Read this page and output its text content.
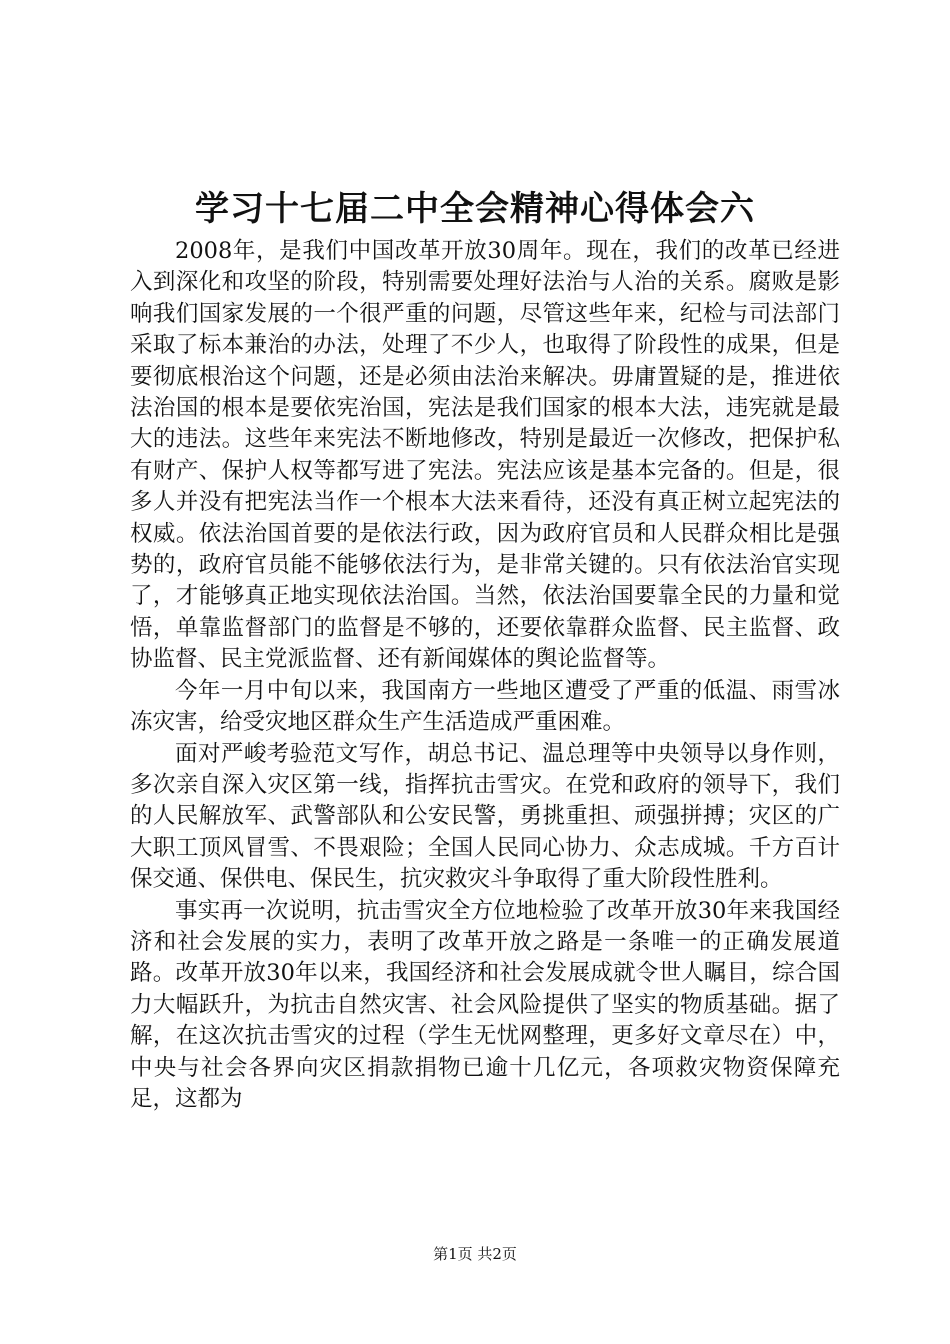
学习十七届二中全会精神心得体会六

2008年，是我们中国改革开放30周年。现在，我们的改革已经进入到深化和攻坚的阶段，特别需要处理好法治与人治的关系。腐败是影响我们国家发展的一个很严重的问题，尽管这些年来，纪检与司法部门采取了标本兼治的办法，处理了不少人，也取得了阶段性的成果，但是要彻底根治这个问题，还是必须由法治来解决。毋庸置疑的是，推进依法治国的根本是要依宪治国，宪法是我们国家的根本大法，违宪就是最大的违法。这些年来宪法不断地修改，特别是最近一次修改，把保护私有财产、保护人权等都写进了宪法。宪法应该是基本完备的。但是，很多人并没有把宪法当作一个根本大法来看待，还没有真正树立起宪法的权威。依法治国首要的是依法行政，因为政府官员和人民群众相比是强势的，政府官员能不能够依法行为，是非常关键的。只有依法治官实现了，才能够真正地实现依法治国。当然，依法治国要靠全民的力量和觉悟，单靠监督部门的监督是不够的，还要依靠群众监督、民主监督、政协监督、民主党派监督、还有新闻媒体的舆论监督等。

今年一月中旬以来，我国南方一些地区遭受了严重的低温、雨雪冰冻灾害，给受灾地区群众生产生活造成严重困难。

面对严峻考验范文写作，胡总书记、温总理等中央领导以身作则，多次亲自深入灾区第一线，指挥抗击雪灾。在党和政府的领导下，我们的人民解放军、武警部队和公安民警，勇挑重担、顽强拼搏；灾区的广大职工顶风冒雪、不畏艰险；全国人民同心协力、众志成城。千方百计保交通、保供电、保民生，抗灾救灾斗争取得了重大阶段性胜利。

事实再一次说明，抗击雪灾全方位地检验了改革开放30年来我国经济和社会发展的实力，表明了改革开放之路是一条唯一的正确发展道路。改革开放30年以来，我国经济和社会发展成就令世人瞩目，综合国力大幅跃升，为抗击自然灾害、社会风险提供了坚实的物质基础。据了解，在这次抗击雪灾的过程（学生无忧网整理，更多好文章尽在）中，中央与社会各界向灾区捐款捐物已逾十几亿元，各项救灾物资保障充足，这都为

第1页 共2页
